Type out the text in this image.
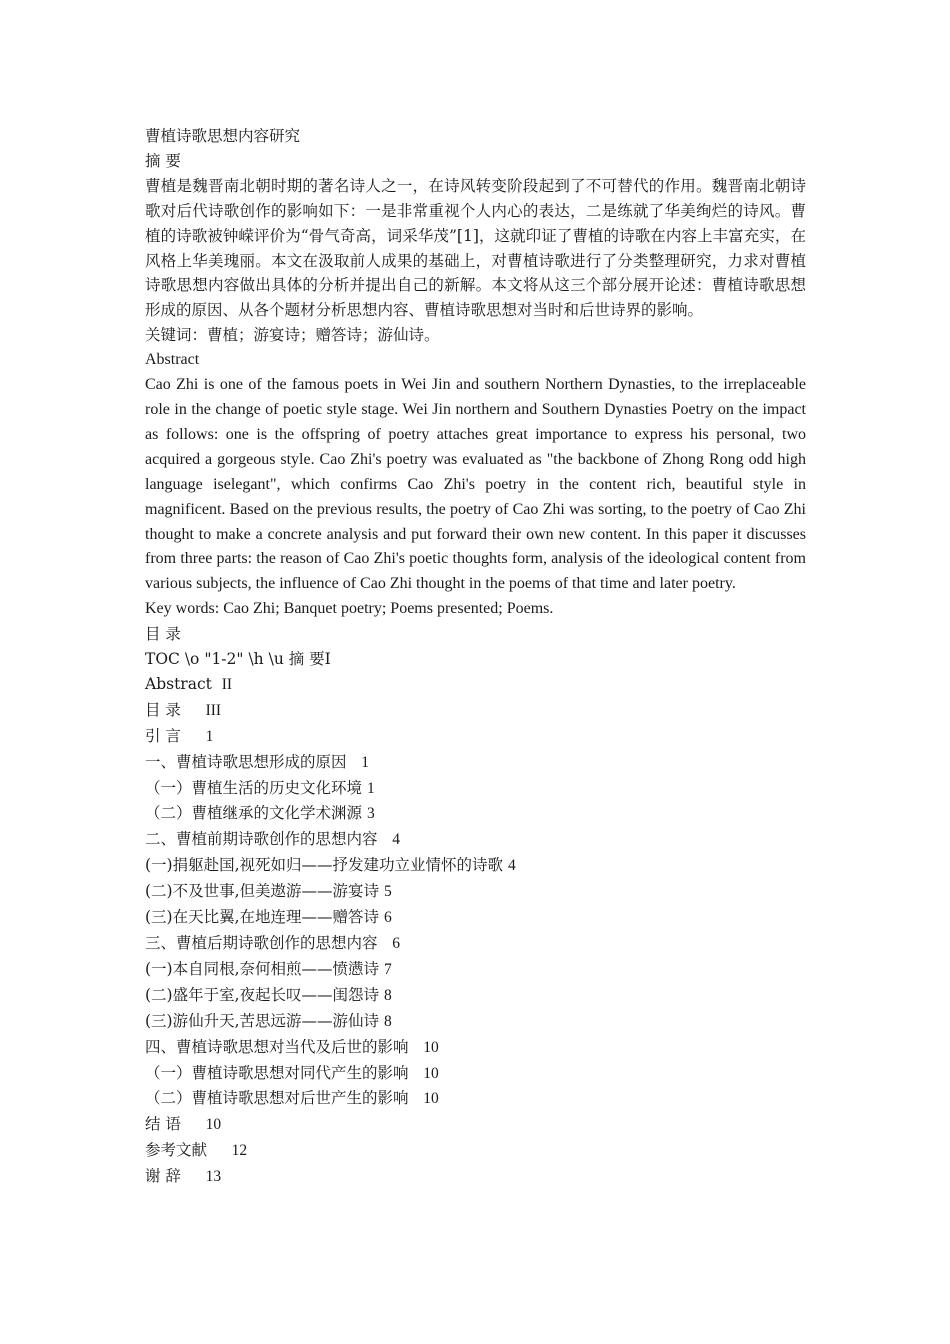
曹植诗歌思想内容研究

摘 要

曹植是魏晋南北朝时期的著名诗人之一，在诗风转变阶段起到了不可替代的作用。魏晋南北朝诗歌对后代诗歌创作的影响如下：一是非常重视个人内心的表达，二是练就了华美绚烂的诗风。曹植的诗歌被钟嵘评价为“骨气奇高，词采华茂”[1]，这就印证了曹植的诗歌在内容上丰富充实，在风格上华美瑰丽。本文在汲取前人成果的基础上，对曹植诗歌进行了分类整理研究，力求对曹植诗歌思想内容做出具体的分析并提出自己的新解。本文将从这三个部分展开论述：曹植诗歌思想形成的原因、从各个题材分析思想内容、曹植诗歌思想对当时和后世诗界的影响。

关键词：曹植；游宴诗；赠答诗；游仙诗。

Abstract

Cao Zhi is one of the famous poets in Wei Jin and southern Northern Dynasties, to the irreplaceable role in the change of poetic style stage. Wei Jin northern and Southern Dynasties Poetry on the impact as follows: one is the offspring of poetry attaches great importance to express his personal, two acquired a gorgeous style. Cao Zhi's poetry was evaluated as "the backbone of Zhong Rong odd high language iselegant", which confirms Cao Zhi's poetry in the content rich, beautiful style in magnificent. Based on the previous results, the poetry of Cao Zhi was sorting, to the poetry of Cao Zhi thought to make a concrete analysis and put forward their own new content. In this paper it discusses from three parts: the reason of Cao Zhi's poetic thoughts form, analysis of the ideological content from various subjects, the influence of Cao Zhi thought in the poems of that time and later poetry.

Key words: Cao Zhi; Banquet poetry; Poems presented; Poems.

目 录

TOC \o "1-2" \h \u 摘 要I

Abstract II

目 录 III

引 言 1

一、曹植诗歌思想形成的原因 1

（一）曹植生活的历史文化环境 1

（二）曹植继承的文化学术渊源 3

二、曹植前期诗歌创作的思想内容 4

(一)捐躯赴国,视死如归——抒发建功立业情怀的诗歌 4

(二)不及世事,但美遨游——游宴诗 5

(三)在天比翼,在地连理——赠答诗 6

三、曹植后期诗歌创作的思想内容 6

(一)本自同根,奈何相煎——愤懑诗 7

(二)盛年于室,夜起长叹——闺怨诗 8

(三)游仙升天,苦思远游——游仙诗 8

四、曹植诗歌思想对当代及后世的影响 10

（一）曹植诗歌思想对同代产生的影响 10

（二）曹植诗歌思想对后世产生的影响 10

结 语 10

参考文献 12

谢 辞 13
